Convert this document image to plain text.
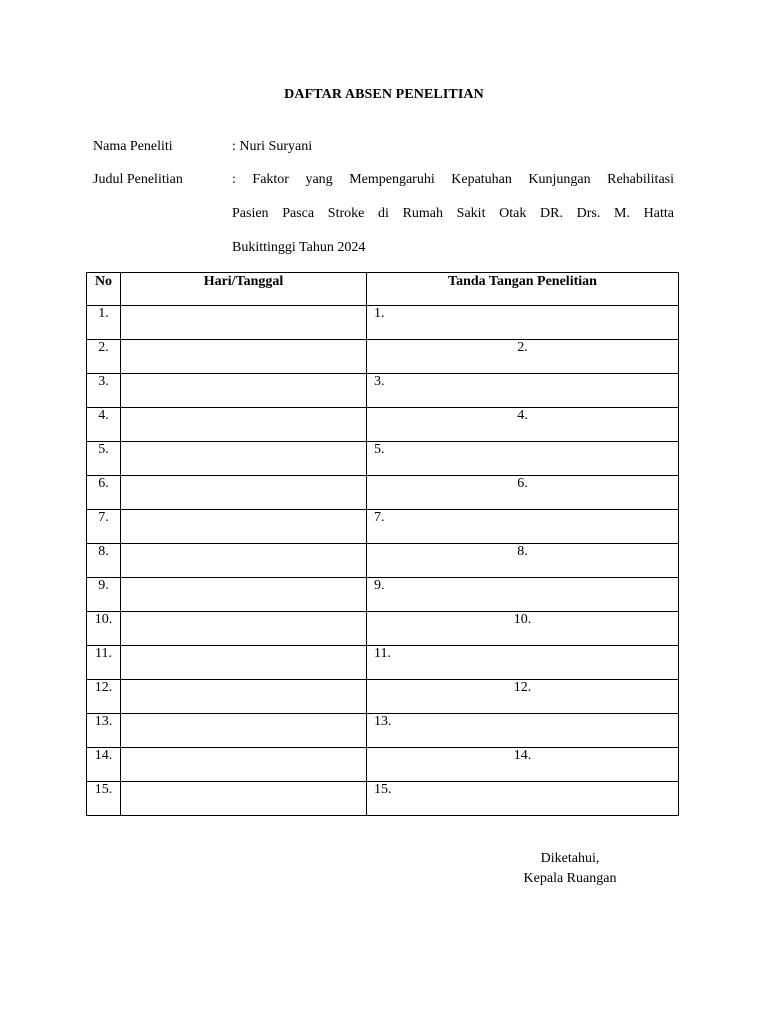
DAFTAR ABSEN PENELITIAN
Nama Peneliti	: Nuri Suryani
Judul Penelitian	: Faktor yang Mempengaruhi Kepatuhan Kunjungan Rehabilitasi
Pasien Pasca Stroke di Rumah Sakit Otak DR. Drs. M. Hatta
Bukittinggi Tahun 2024
No	Hari/Tanggal	Tanda Tangan Penelitian
1.		1.

2.		2.

3.		3.

4.		4.

5.		5.

6.		6.

7.		7.

8.		8.

9.		9.

10.		10.

11.		11.

12.		12.

13.		13.

14.		14.

15.		15.
Diketahui,
Kepala Ruangan
